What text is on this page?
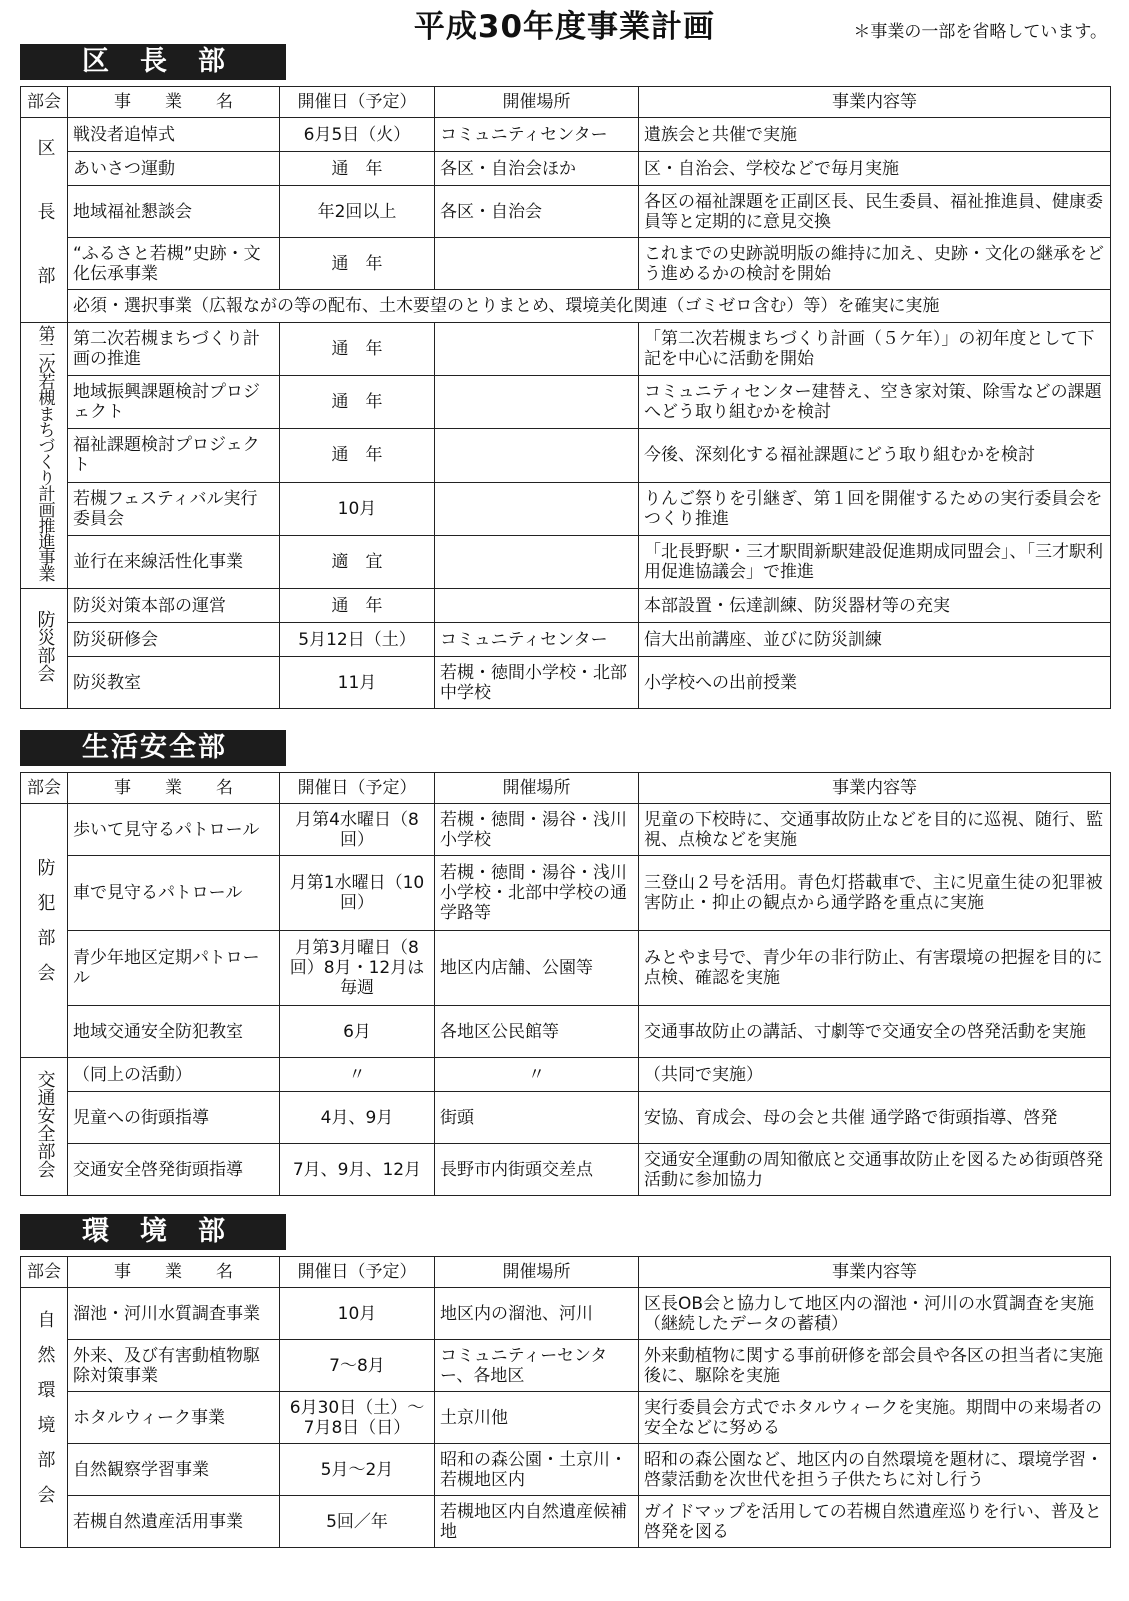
平成30年度事業計画	＊事業の一部を省略しています。
区　長　部
部会	事　　業　　名	開催日（予定）	開催場所	事業内容等
区　長　部	戦没者追悼式	6月5日（火）	コミュニティセンター	遺族会と共催で実施
	あいさつ運動	通　年	各区・自治会ほか	区・自治会、学校などで毎月実施
	地域福祉懇談会	年2回以上	各区・自治会	各区の福祉課題を正副区長、民生委員、福祉推進員、健康委員等と定期的に意見交換
	“ふるさと若槻”史跡・文化伝承事業	通　年		これまでの史跡説明版の維持に加え、史跡・文化の継承をどう進めるかの検討を開始
	必須・選択事業（広報ながの等の配布、土木要望のとりまとめ、環境美化関連（ゴミゼロ含む）等）を確実に実施			
第二次若槻まちづくり計画推進事業	第二次若槻まちづくり計画の推進	通　年		「第二次若槻まちづくり計画（５ケ年）」の初年度として下記を中心に活動を開始
	地域振興課題検討プロジェクト	通　年		コミュニティセンター建替え、空き家対策、除雪などの課題へどう取り組むかを検討
	福祉課題検討プロジェクト	通　年		今後、深刻化する福祉課題にどう取り組むかを検討
	若槻フェスティバル実行委員会	10月		りんご祭りを引継ぎ、第１回を開催するための実行委員会をつくり推進
	並行在来線活性化事業	適　宜		「北長野駅・三才駅間新駅建設促進期成同盟会」、「三才駅利用促進協議会」で推進
防災部会	防災対策本部の運営	通　年		本部設置・伝達訓練、防災器材等の充実
	防災研修会	5月12日（土）	コミュニティセンター	信大出前講座、並びに防災訓練
	防災教室	11月	若槻・徳間小学校・北部中学校	小学校への出前授業
生活安全部
部会	事　　業　　名	開催日（予定）	開催場所	事業内容等
防犯部会	歩いて見守るパトロール	月第4水曜日（8回）	若槻・徳間・湯谷・浅川小学校	児童の下校時に、交通事故防止などを目的に巡視、随行、監視、点検などを実施
	車で見守るパトロール	月第1水曜日（10回）	若槻・徳間・湯谷・浅川小学校・北部中学校の通学路等	三登山２号を活用。青色灯搭載車で、主に児童生徒の犯罪被害防止・抑止の観点から通学路を重点に実施
	青少年地区定期パトロール	月第3月曜日（8回）8月・12月は毎週	地区内店舗、公園等	みとやま号で、青少年の非行防止、有害環境の把握を目的に点検、確認を実施
	地域交通安全防犯教室	6月	各地区公民館等	交通事故防止の講話、寸劇等で交通安全の啓発活動を実施
交通安全部会	（同上の活動）	〃	〃	（共同で実施）
	児童への街頭指導	4月、9月	街頭	安協、育成会、母の会と共催 通学路で街頭指導、啓発
	交通安全啓発街頭指導	7月、9月、12月	長野市内街頭交差点	交通安全運動の周知徹底と交通事故防止を図るため街頭啓発活動に参加協力
環　境　部
部会	事　　業　　名	開催日（予定）	開催場所	事業内容等
自然環境部会	溜池・河川水質調査事業	10月	地区内の溜池、河川	区長OB会と協力して地区内の溜池・河川の水質調査を実施（継続したデータの蓄積）
	外来、及び有害動植物駆除対策事業	7～8月	コミュニティーセンター、各地区	外来動植物に関する事前研修を部会員や各区の担当者に実施後に、駆除を実施
	ホタルウィーク事業	6月30日（土）～7月8日（日）	土京川他	実行委員会方式でホタルウィークを実施。期間中の来場者の安全などに努める
	自然観察学習事業	5月～2月	昭和の森公園・土京川・若槻地区内	昭和の森公園など、地区内の自然環境を題材に、環境学習・啓蒙活動を次世代を担う子供たちに対し行う
	若槻自然遺産活用事業	5回／年	若槻地区内自然遺産候補地	ガイドマップを活用しての若槻自然遺産巡りを行い、普及と啓発を図る
